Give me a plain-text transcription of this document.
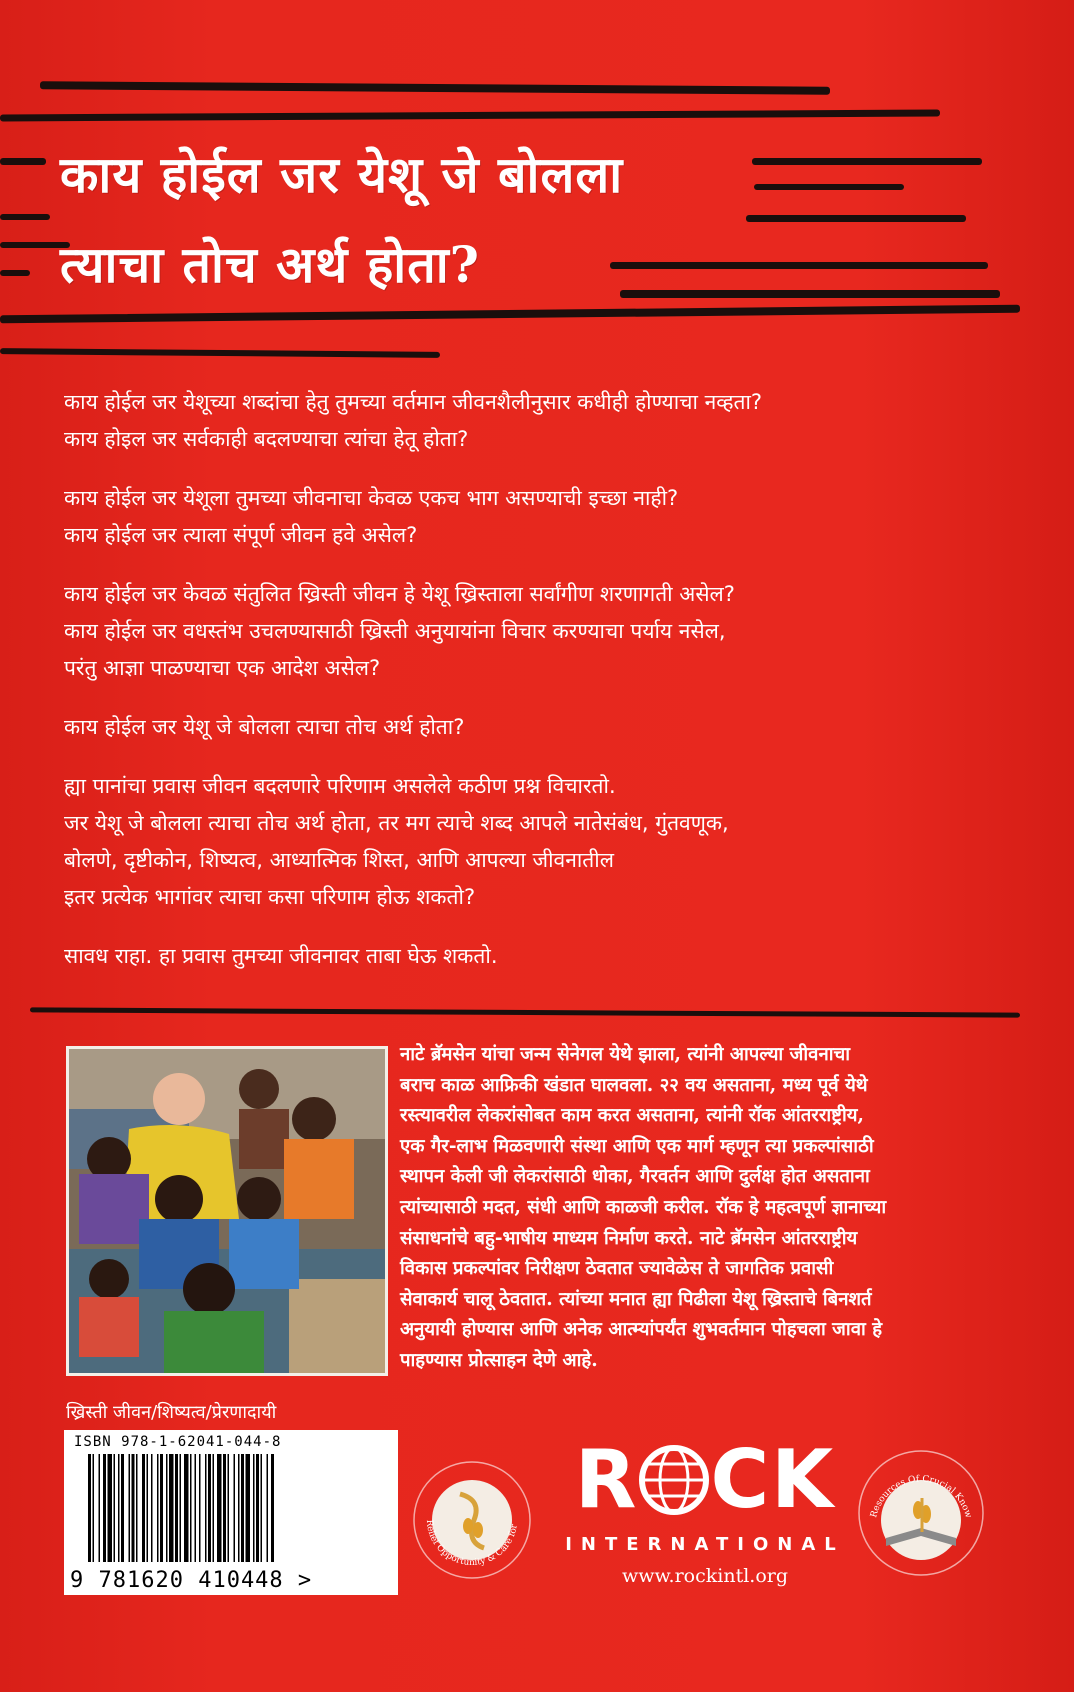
काय होईल जर येशू जे बोलला
त्याचा तोच अर्थ होता?
काय होईल जर येशूच्या शब्दांचा हेतु तुमच्या वर्तमान जीवनशैलीनुसार कधीही होण्याचा नव्हता?
काय होइल जर सर्वकाही बदलण्याचा त्यांचा हेतू होता?
काय होईल जर येशूला तुमच्या जीवनाचा केवळ एकच भाग असण्याची इच्छा नाही?
काय होईल जर त्याला संपूर्ण जीवन हवे असेल?
काय होईल जर केवळ संतुलित ख्रिस्ती जीवन हे येशू ख्रिस्ताला सर्वांगीण शरणागती असेल?
काय होईल जर वधस्तंभ उचलण्यासाठी ख्रिस्ती अनुयायांना विचार करण्याचा पर्याय नसेल,
परंतु आज्ञा पाळण्याचा एक आदेश असेल?
काय होईल जर येशू जे बोलला त्याचा तोच अर्थ होता?
ह्या पानांचा प्रवास जीवन बदलणारे परिणाम असलेले कठीण प्रश्न विचारतो.
जर येशू जे बोलला त्याचा तोच अर्थ होता, तर मग त्याचे शब्द आपले नातेसंबंध, गुंतवणूक,
बोलणे, दृष्टीकोन, शिष्यत्व, आध्यात्मिक शिस्त, आणि आपल्या जीवनातील
इतर प्रत्येक भागांवर त्याचा कसा परिणाम होऊ शकतो?
सावध राहा. हा प्रवास तुमच्या जीवनावर ताबा घेऊ शकतो.
नाटे ब्रॅमसेन यांचा जन्म सेनेगल येथे झाला, त्यांनी आपल्या जीवनाचा
बराच काळ आफ्रिकी खंडात घालवला. २२ वय असताना, मध्य पूर्व येथे
रस्त्यावरील लेकरांसोबत काम करत असताना, त्यांनी रॉक आंतरराष्ट्रीय,
एक गैर-लाभ मिळवणारी संस्था आणि एक मार्ग म्हणून त्या प्रकल्पांसाठी
स्थापन केली जी लेकरांसाठी धोका, गैरवर्तन आणि दुर्लक्ष होत असताना
त्यांच्यासाठी मदत, संधी आणि काळजी करील. रॉक हे महत्वपूर्ण ज्ञानाच्या
संसाधनांचे बहु-भाषीय माध्यम निर्माण करते. नाटे ब्रॅमसेन आंतरराष्ट्रीय
विकास प्रकल्पांवर निरीक्षण ठेवतात ज्यावेळेस ते जागतिक प्रवासी
सेवाकार्य चालू ठेवतात. त्यांच्या मनात ह्या पिढीला येशू ख्रिस्ताचे बिनशर्त
अनुयायी होण्यास आणि अनेक आत्म्यांपर्यंत शुभवर्तमान पोहचला जावा हे
पाहण्यास प्रोत्साहन देणे आहे.
ख्रिस्ती जीवन/शिष्यत्व/प्रेरणादायी
ISBN 978-1-62041-044-8
9 781620 410448 >
Relief Opportunity & Care for
R CK
INTERNATIONAL
www.rockintl.org
Resources Of Crucial Know
